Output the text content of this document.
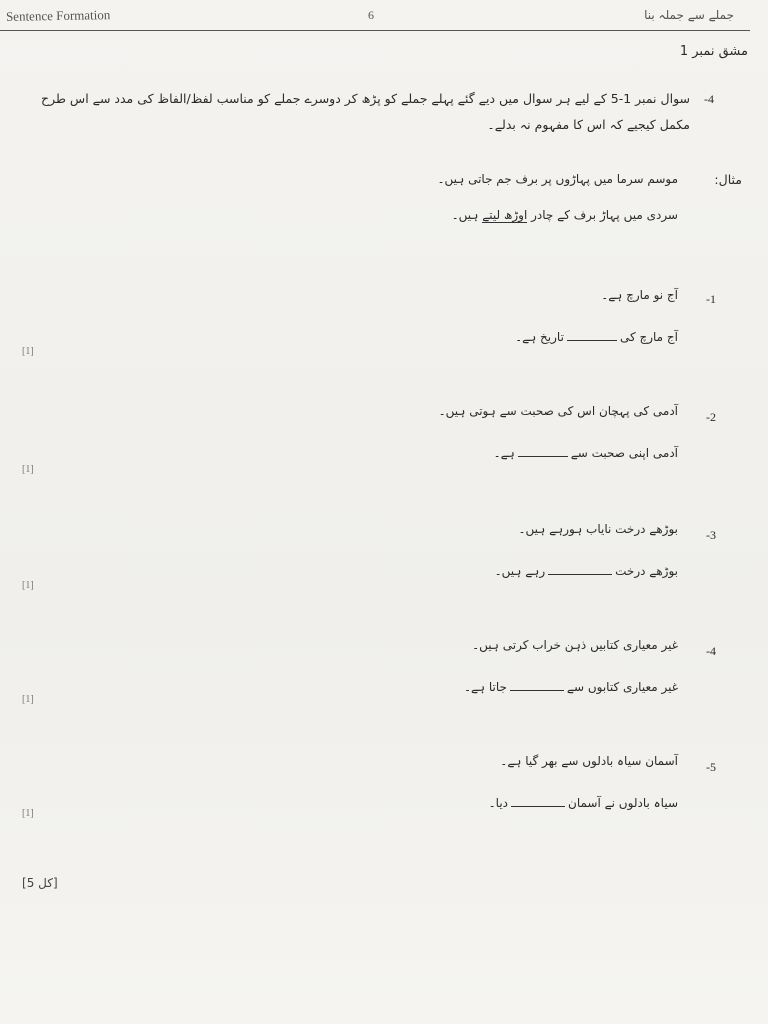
Sentence Formation	6	جملے سے جملہ بنا
مشق نمبر 1
-4
سوال نمبر 1-5 کے لیے ہر سوال میں دیے گئے پہلے جملے کو پڑھ کر دوسرے جملے کو مناسب لفظ/الفاظ کی مدد سے اس طرح مکمل کیجیے کہ اس کا مفہوم نہ بدلے۔
مثال:
موسم سرما میں پہاڑوں پر برف جم جاتی ہیں۔
سردی میں پہاڑ برف کے چادر اوڑھ لیتے ہیں۔
-1
آج نو مارچ ہے۔
آج مارچ کیتاریخ ہے۔
[1]
-2
آدمی کی پہچان اس کی صحبت سے ہوتی ہیں۔
آدمی اپنی صحبت سےہے۔
[1]
-3
بوڑھے درخت نایاب ہورہے ہیں۔
بوڑھے درخترہے ہیں۔
[1]
-4
غیر معیاری کتابیں ذہن خراب کرتی ہیں۔
غیر معیاری کتابوں سےجاتا ہے۔
[1]
-5
آسمان سیاہ بادلوں سے بھر گیا ہے۔
سیاہ بادلوں نے آسماندیا۔
[1]
[کل 5]
